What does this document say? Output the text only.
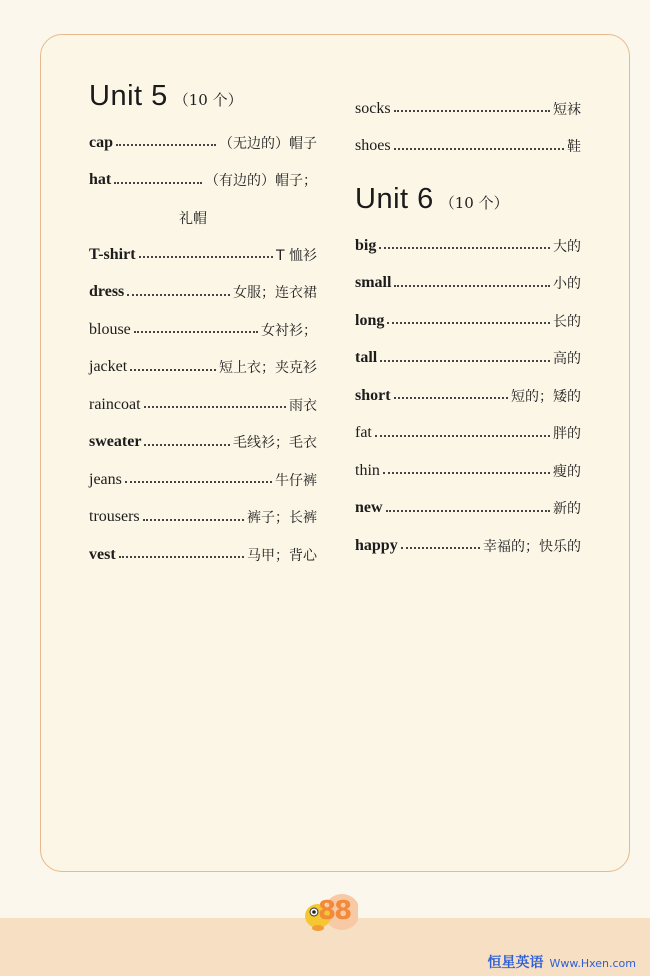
Unit 5 （10 个）
cap	（无边的）帽子
hat	（有边的）帽子；
礼帽
T-shirt	T 恤衫
dress	女服；连衣裙
blouse	女衬衫；
jacket	短上衣；夹克衫
raincoat	雨衣
sweater	毛线衫；毛衣
jeans	牛仔裤
trousers	裤子；长裤
vest	马甲；背心
socks	短袜
shoes	鞋
Unit 6 （10 个）
big	大的
small	小的
long	长的
tall	高的
short	短的；矮的
fat	胖的
thin	瘦的
new	新的
happy	幸福的；快乐的
88
恒星英语 Www.Hxen.com
